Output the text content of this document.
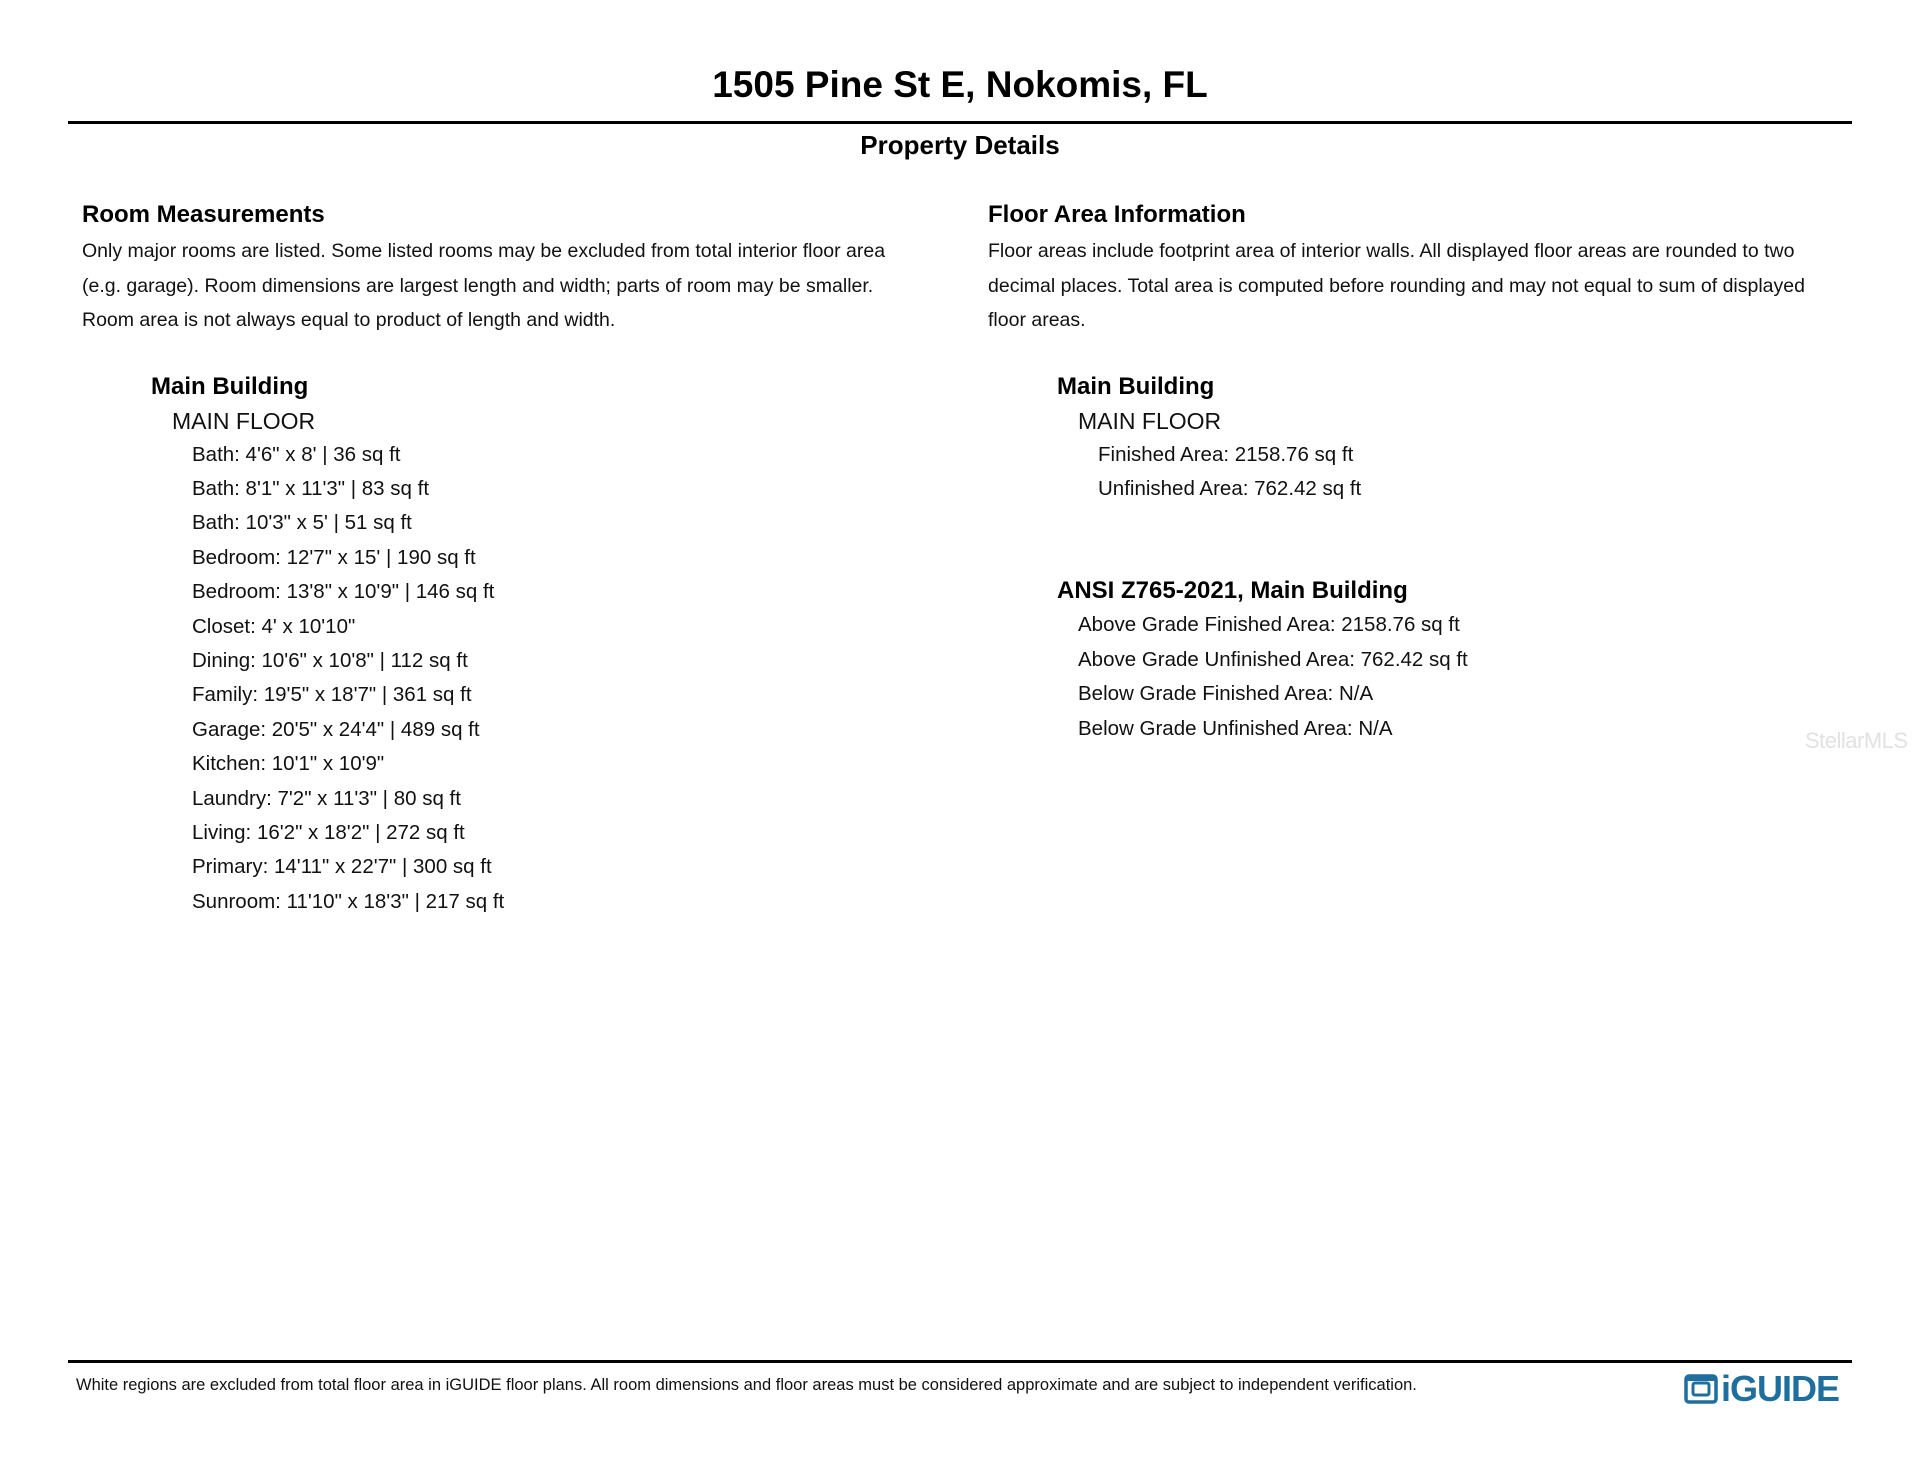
1505 Pine St E, Nokomis, FL
Property Details
Room Measurements
Only major rooms are listed. Some listed rooms may be excluded from total interior floor area
(e.g. garage). Room dimensions are largest length and width; parts of room may be smaller.
Room area is not always equal to product of length and width.
Main Building
MAIN FLOOR
Bath: 4'6" x 8' | 36 sq ft
Bath: 8'1" x 11'3" | 83 sq ft
Bath: 10'3" x 5' | 51 sq ft
Bedroom: 12'7" x 15' | 190 sq ft
Bedroom: 13'8" x 10'9" | 146 sq ft
Closet: 4' x 10'10"
Dining: 10'6" x 10'8" | 112 sq ft
Family: 19'5" x 18'7" | 361 sq ft
Garage: 20'5" x 24'4" | 489 sq ft
Kitchen: 10'1" x 10'9"
Laundry: 7'2" x 11'3" | 80 sq ft
Living: 16'2" x 18'2" | 272 sq ft
Primary: 14'11" x 22'7" | 300 sq ft
Sunroom: 11'10" x 18'3" | 217 sq ft
Floor Area Information
Floor areas include footprint area of interior walls. All displayed floor areas are rounded to two
decimal places. Total area is computed before rounding and may not equal to sum of displayed
floor areas.
Main Building
MAIN FLOOR
Finished Area: 2158.76 sq ft
Unfinished Area: 762.42 sq ft
ANSI Z765-2021, Main Building
Above Grade Finished Area: 2158.76 sq ft
Above Grade Unfinished Area: 762.42 sq ft
Below Grade Finished Area: N/A
Below Grade Unfinished Area: N/A	StellarMLS
White regions are excluded from total floor area in iGUIDE floor plans. All room dimensions and floor areas must be considered approximate and are subject to independent verification.	iGUIDE
